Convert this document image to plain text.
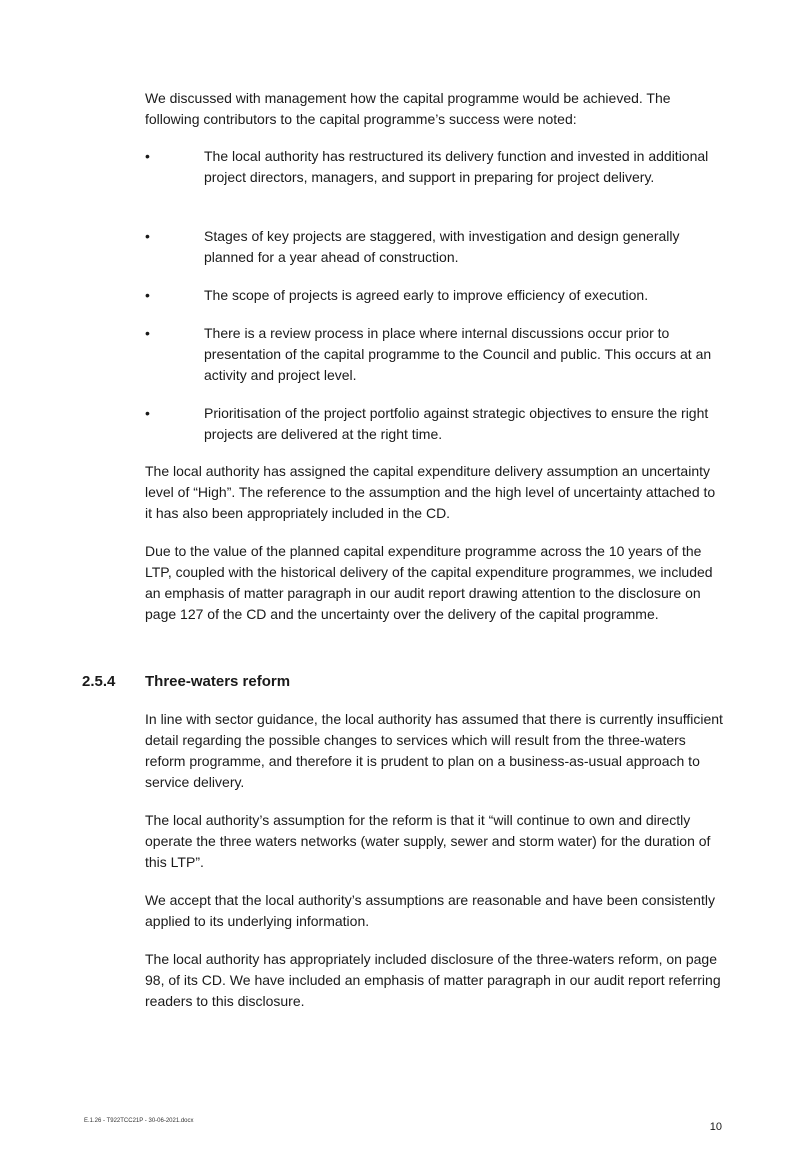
We discussed with management how the capital programme would be achieved. The following contributors to the capital programme’s success were noted:

•	The local authority has restructured its delivery function and invested in additional project directors, managers, and support in preparing for project delivery.

•	Stages of key projects are staggered, with investigation and design generally planned for a year ahead of construction.

•	The scope of projects is agreed early to improve efficiency of execution.

•	There is a review process in place where internal discussions occur prior to presentation of the capital programme to the Council and public. This occurs at an activity and project level.

•	Prioritisation of the project portfolio against strategic objectives to ensure the right projects are delivered at the right time.

The local authority has assigned the capital expenditure delivery assumption an uncertainty level of “High”. The reference to the assumption and the high level of uncertainty attached to it has also been appropriately included in the CD.

Due to the value of the planned capital expenditure programme across the 10 years of the LTP, coupled with the historical delivery of the capital expenditure programmes, we included an emphasis of matter paragraph in our audit report drawing attention to the disclosure on page 127 of the CD and the uncertainty over the delivery of the capital programme.

2.5.4 Three-waters reform

In line with sector guidance, the local authority has assumed that there is currently insufficient detail regarding the possible changes to services which will result from the three-waters reform programme, and therefore it is prudent to plan on a business-as-usual approach to service delivery.

The local authority’s assumption for the reform is that it “will continue to own and directly operate the three waters networks (water supply, sewer and storm water) for the duration of this LTP”.

We accept that the local authority’s assumptions are reasonable and have been consistently applied to its underlying information.

The local authority has appropriately included disclosure of the three-waters reform, on page 98, of its CD. We have included an emphasis of matter paragraph in our audit report referring readers to this disclosure.

E.1.26 - T922TCC21P - 30-06-2021.docx	10
